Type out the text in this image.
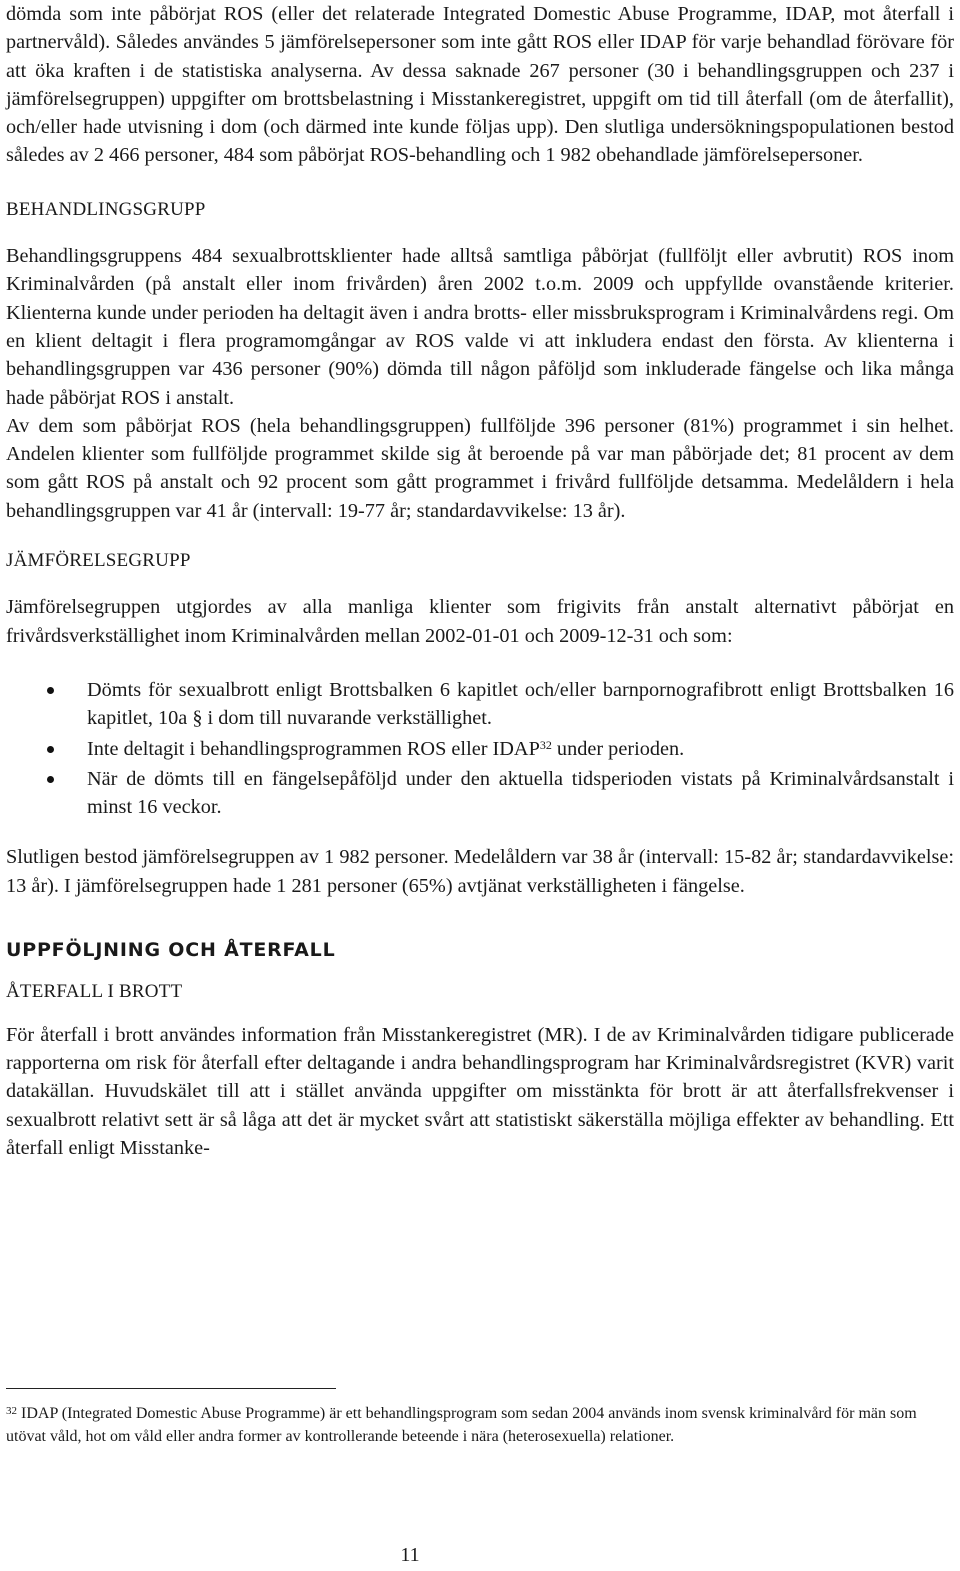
dömda som inte påbörjat ROS (eller det relaterade Integrated Domestic Abuse Programme, IDAP, mot återfall i partnervåld). Således användes 5 jämförelsepersoner som inte gått ROS eller IDAP för varje behandlad förövare för att öka kraften i de statistiska analyserna. Av dessa saknade 267 personer (30 i behandlingsgruppen och 237 i jämförelsegruppen) uppgifter om brottsbelastning i Misstankeregistret, uppgift om tid till återfall (om de återfallit), och/eller hade utvisning i dom (och därmed inte kunde följas upp). Den slutliga undersökningspopulationen bestod således av 2 466 personer, 484 som påbörjat ROS-behandling och 1 982 obehandlade jämförelsepersoner.

BEHANDLINGSGRUPP

Behandlingsgruppens 484 sexualbrottsklienter hade alltså samtliga påbörjat (fullföljt eller avbrutit) ROS inom Kriminalvården (på anstalt eller inom frivården) åren 2002 t.o.m. 2009 och uppfyllde ovanstående kriterier. Klienterna kunde under perioden ha deltagit även i andra brotts- eller missbruksprogram i Kriminalvårdens regi. Om en klient deltagit i flera programomgångar av ROS valde vi att inkludera endast den första. Av klienterna i behandlingsgruppen var 436 personer (90%) dömda till någon påföljd som inkluderade fängelse och lika många hade påbörjat ROS i anstalt.

Av dem som påbörjat ROS (hela behandlingsgruppen) fullföljde 396 personer (81%) programmet i sin helhet. Andelen klienter som fullföljde programmet skilde sig åt beroende på var man påbörjade det; 81 procent av dem som gått ROS på anstalt och 92 procent som gått programmet i frivård fullföljde detsamma. Medelåldern i hela behandlingsgruppen var 41 år (intervall: 19-77 år; standardavvikelse: 13 år).

JÄMFÖRELSEGRUPP

Jämförelsegruppen utgjordes av alla manliga klienter som frigivits från anstalt alternativt påbörjat en frivårdsverkställighet inom Kriminalvården mellan 2002-01-01 och 2009-12-31 och som:

Dömts för sexualbrott enligt Brottsbalken 6 kapitlet och/eller barnpornografibrott enligt Brottsbalken 16 kapitlet, 10a § i dom till nuvarande verkställighet.
Inte deltagit i behandlingsprogrammen ROS eller IDAP$^{32}$ under perioden.
När de dömts till en fängelsepåföljd under den aktuella tidsperioden vistats på Kriminalvårdsanstalt i minst 16 veckor.

Slutligen bestod jämförelsegruppen av 1 982 personer. Medelåldern var 38 år (intervall: 15-82 år; standardavvikelse: 13 år). I jämförelsegruppen hade 1 281 personer (65%) avtjänat verkställigheten i fängelse.

UPPFÖLJNING OCH ÅTERFALL
ÅTERFALL I BROTT

För återfall i brott användes information från Misstankeregistret (MR). I de av Kriminalvården tidigare publicerade rapporterna om risk för återfall efter deltagande i andra behandlingsprogram har Kriminalvårdsregistret (KVR) varit datakällan. Huvudskälet till att i stället använda uppgifter om misstänkta för brott är att återfallsfrekvenser i sexualbrott relativt sett är så låga att det är mycket svårt att statistiskt säkerställa möjliga effekter av behandling. Ett återfall enligt Misstanke-

$^{32}$ IDAP (Integrated Domestic Abuse Programme) är ett behandlingsprogram som sedan 2004 används inom svensk kriminalvård för män som utövat våld, hot om våld eller andra former av kontrollerande beteende i nära (heterosexuella) relationer.
11
